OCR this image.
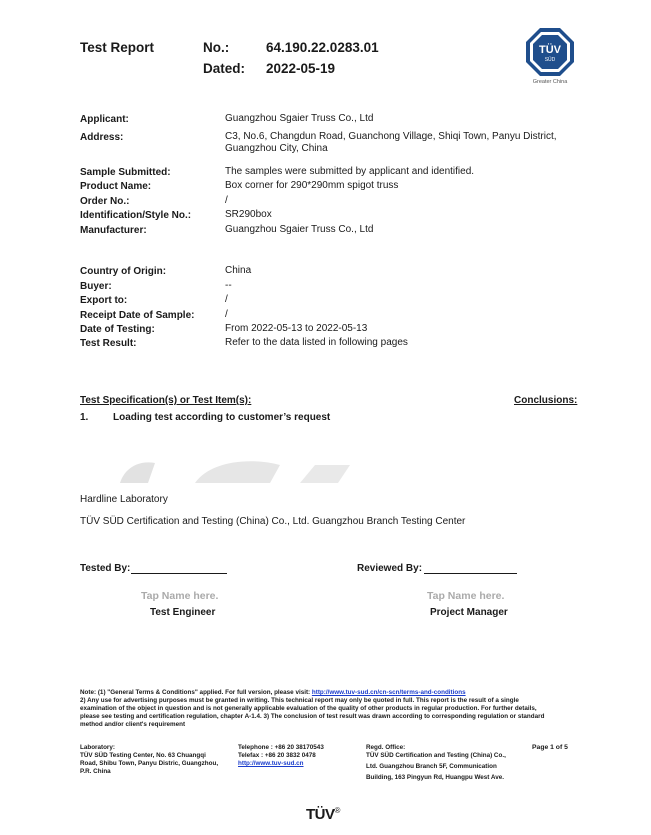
Test Report	No.:	64.190.22.0283.01
Dated: 2022-05-19
TÜV
SÜD
Greater China
Applicant:	Guangzhou Sgaier Truss Co., Ltd
Address:	C3, No.6, Changdun Road, Guanchong Village, Shiqi Town, Panyu District,
Guangzhou City, China
Sample Submitted:	The samples were submitted by applicant and identified.
Product Name:	Box corner for 290*290mm spigot truss
Order No.:	/
Identification/Style No.:	SR290box
Manufacturer:	Guangzhou Sgaier Truss Co., Ltd
Country of Origin:	China
Buyer:	--
Export to:	/
Receipt Date of Sample:	/
Date of Testing:	From 2022-05-13 to 2022-05-13
Test Result:	Refer to the data listed in following pages
Test Specification(s) or Test Item(s):	Conclusions:
1. Loading test according to customer’s request
Hardline Laboratory
TÜV SÜD Certification and Testing (China) Co., Ltd. Guangzhou Branch Testing Center
Tested By:	Reviewed By:
Tap Name here.	Tap Name here.
Test Engineer	Project Manager
Note: (1) "General Terms & Conditions" applied. For full version, please visit: http://www.tuv-sud.cn/cn-scn/terms-and-conditions
2) Any use for advertising purposes must be granted in writing. This technical report may only be quoted in full. This report is the result of a single
examination of the object in question and is not generally applicable evaluation of the quality of other products in regular production. For further details,
please see testing and certification regulation, chapter A-1.4. 3) The conclusion of test result was drawn according to corresponding regulation or standard
method and/or client's requirement
Laboratory:
TÜV SÜD Testing Center, No. 63 Chuangqi
Road, Shibu Town, Panyu Distric, Guangzhou,
P.R. China
Telephone : +86 20 38170543
Telefax : +86 20 3832 0478
http://www.tuv-sud.cn
Regd. Office:
TÜV SÜD Certification and Testing (China) Co.,
Ltd. Guangzhou Branch 5F, Communication
Building, 163 Pingyun Rd, Huangpu West Ave.
Page 1 of 5
TÜV®
